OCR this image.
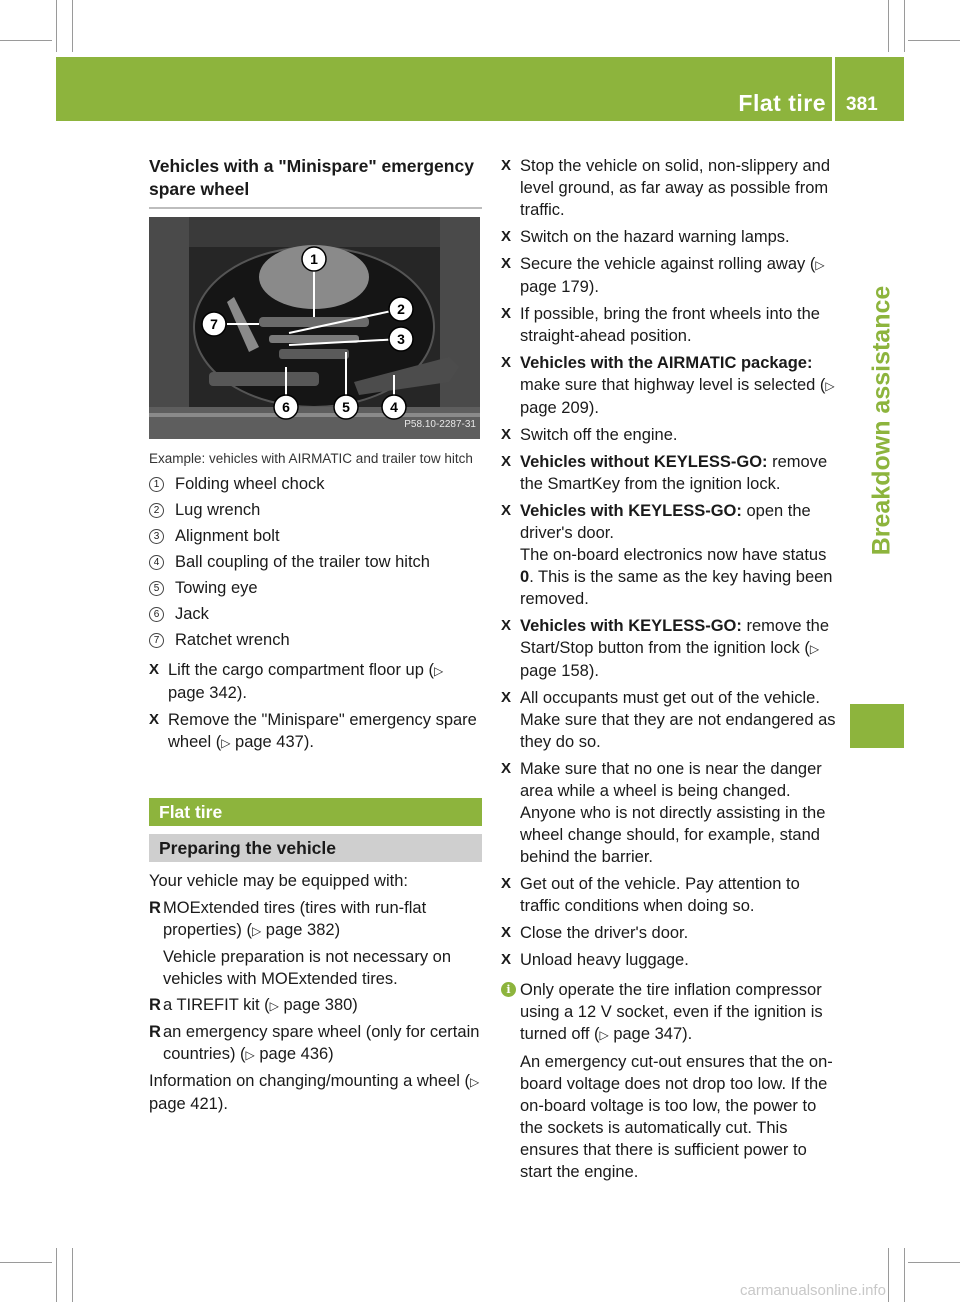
Flat tire 381
Breakdown assistance
Vehicles with a "Minispare" emergency spare wheel
1
2
3
4
5
6
7
P58.10-2287-31
Example: vehicles with AIRMATIC and trailer tow hitch
1 Folding wheel chock
2 Lug wrench
3 Alignment bolt
4 Ball coupling of the trailer tow hitch
5 Towing eye
6 Jack
7 Ratchet wrench
X Lift the cargo compartment floor up (▷ page 342).
X Remove the "Minispare" emergency spare wheel (▷ page 437).
Flat tire
Preparing the vehicle
Your vehicle may be equipped with:
R MOExtended tires (tires with run-flat properties) (▷ page 382)
Vehicle preparation is not necessary on vehicles with MOExtended tires.
R a TIREFIT kit (▷ page 380)
R an emergency spare wheel (only for certain countries) (▷ page 436)
Information on changing/mounting a wheel (▷ page 421).
X Stop the vehicle on solid, non-slippery and level ground, as far away as possible from traffic.
X Switch on the hazard warning lamps.
X Secure the vehicle against rolling away (▷ page 179).
X If possible, bring the front wheels into the straight-ahead position.
X Vehicles with the AIRMATIC package: make sure that highway level is selected (▷ page 209).
X Switch off the engine.
X Vehicles without KEYLESS-GO: remove the SmartKey from the ignition lock.
X Vehicles with KEYLESS-GO: open the driver's door.
The on-board electronics now have status 0. This is the same as the key having been removed.
X Vehicles with KEYLESS-GO: remove the Start/Stop button from the ignition lock (▷ page 158).
X All occupants must get out of the vehicle. Make sure that they are not endangered as they do so.
X Make sure that no one is near the danger area while a wheel is being changed. Anyone who is not directly assisting in the wheel change should, for example, stand behind the barrier.
X Get out of the vehicle. Pay attention to traffic conditions when doing so.
X Close the driver's door.
X Unload heavy luggage.
i Only operate the tire inflation compressor using a 12 V socket, even if the ignition is turned off (▷ page 347).
An emergency cut-out ensures that the on-board voltage does not drop too low. If the on-board voltage is too low, the power to the sockets is automatically cut. This ensures that there is sufficient power to start the engine.
carmanualsonline.info
